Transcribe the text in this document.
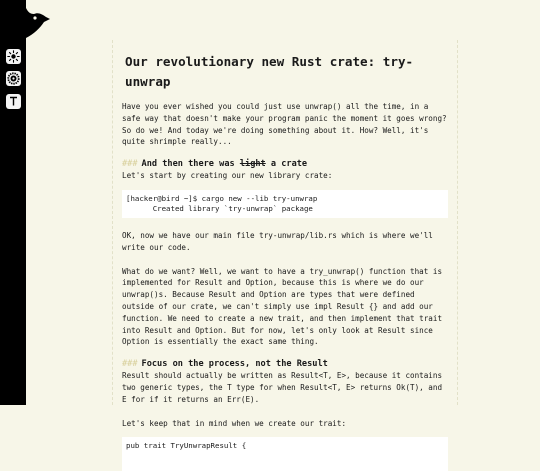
Our revolutionary new Rust crate: try-unwrap

Have you ever wished you could just use unwrap() all the time, in a safe way that doesn't make your program panic the moment it goes wrong? So do we! And today we're doing something about it. How? Well, it's quite shrimple really...

### And then there was light a crate

Let's start by creating our new library crate:

[hacker@bird ~]$ cargo new --lib try-unwrap
Created library `try-unwrap` package

OK, now we have our main file try-unwrap/lib.rs which is where we'll write our code.

What do we want? Well, we want to have a try_unwrap() function that is implemented for Result and Option, because this is where we do our unwrap()s. Because Result and Option are types that were defined outside of our crate, we can't simply use impl Result {} and add our function. We need to create a new trait, and then implement that trait into Result and Option. But for now, let's only look at Result since Option is essentially the exact same thing.

### Focus on the process, not the Result

Result should actually be written as Result<T, E>, because it contains two generic types, the T type for when Result<T, E> returns Ok(T), and E for if it returns an Err(E).

Let's keep that in mind when we create our trait:

pub trait TryUnwrapResult {
